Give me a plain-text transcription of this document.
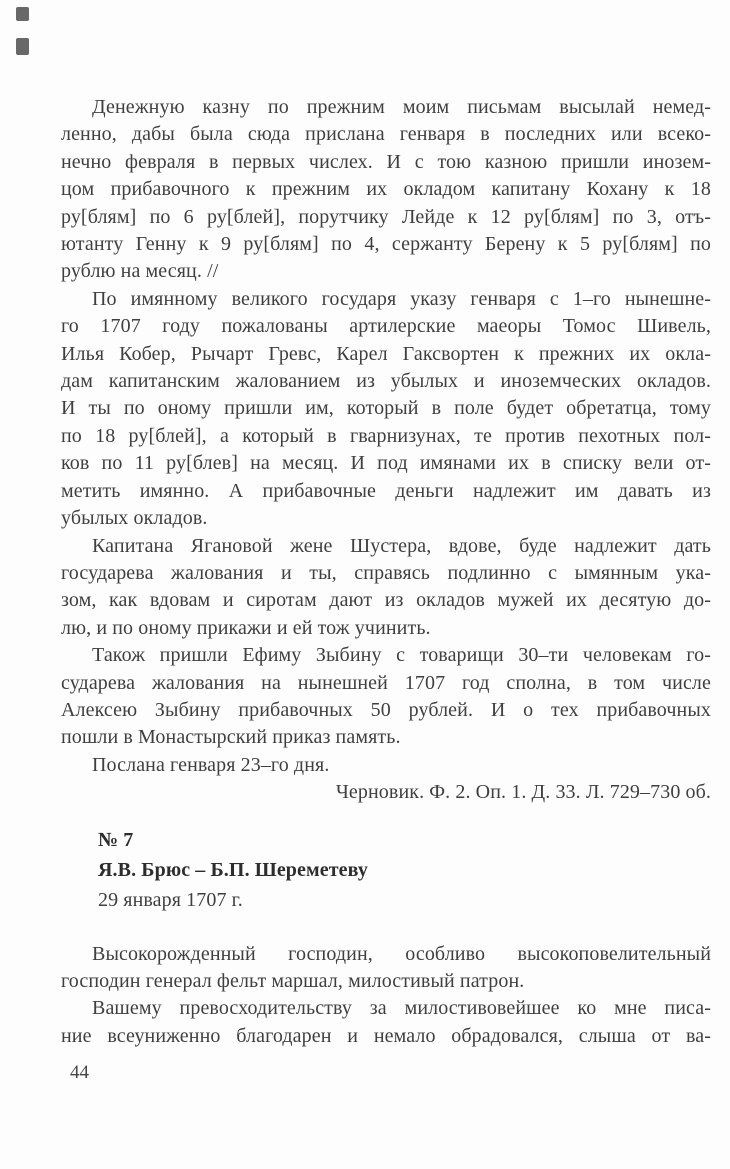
Денежную казну по прежним моим письмам высылай немед-
ленно, дабы была сюда прислана генваря в последних или всеко-
нечно февраля в первых числех. И с тою казною пришли инозем-
цом прибавочного к прежним их окладом капитану Кохану к 18
ру[блям] по 6 ру[блей], порутчику Лейде к 12 ру[блям] по 3, отъ-
ютанту Генну к 9 ру[блям] по 4, сержанту Берену к 5 ру[блям] по
рублю на месяц. //
По имянному великого государя указу генваря с 1–го нынешне-
го 1707 году пожалованы артилерские маеоры Томос Шивель,
Илья Кобер, Рычарт Гревс, Карел Гаксвортен к прежних их окла-
дам капитанским жалованием из убылых и иноземческих окладов.
И ты по оному пришли им, который в поле будет обретатца, тому
по 18 ру[блей], а который в гварнизунах, те против пехотных пол-
ков по 11 ру[блев] на месяц. И под имянами их в списку вели от-
метить имянно. А прибавочные деньги надлежит им давать из
убылых окладов.
Капитана Ягановой жене Шустера, вдове, буде надлежит дать
государева жалования и ты, справясь подлинно с ымянным ука-
зом, как вдовам и сиротам дают из окладов мужей их десятую до-
лю, и по оному прикажи и ей тож учинить.
Також пришли Ефиму Зыбину с товарищи 30–ти человекам го-
сударева жалования на нынешней 1707 год сполна, в том числе
Алексею Зыбину прибавочных 50 рублей. И о тех прибавочных
пошли в Монастырский приказ память.
Послана генваря 23–го дня.
Черновик. Ф. 2. Оп. 1. Д. 33. Л. 729–730 об.
№ 7
Я.В. Брюс – Б.П. Шереметеву
29 января 1707 г.
Высокорожденный господин, особливо высокоповелительный
господин генерал фельт маршал, милостивый патрон.
Вашему превосходительству за милостивовейшее ко мне писа-
ние всеуниженно благодарен и немало обрадовался, слыша от ва-
44
